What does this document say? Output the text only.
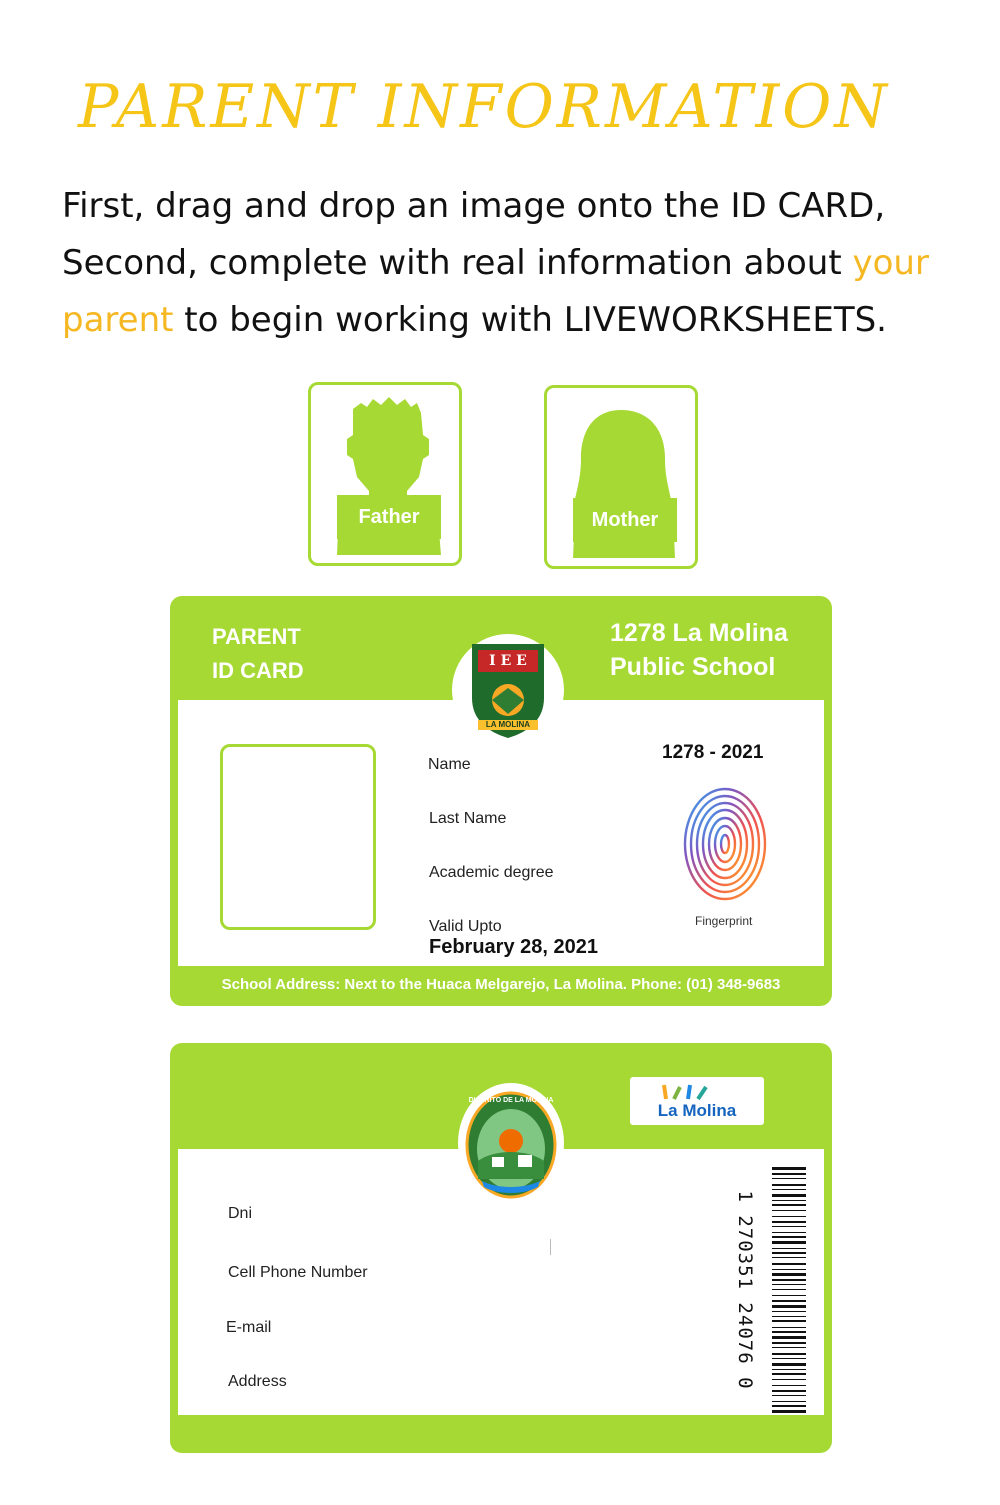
PARENT INFORMATION
First, drag and drop an image onto the ID CARD,
Second, complete with real information about your
parent to begin working with LIVEWORKSHEETS.
Father	Mother
PARENT
ID CARD
1278 La Molina
Public School
Name
Last Name
Academic degree
Valid Upto
February 28, 2021
1278 - 2021
Fingerprint
I E E
LA MOLINA
School Address: Next to the Huaca Melgarejo, La Molina. Phone: (01) 348-9683
Dni
Cell Phone Number
E-mail
Address	1 270351 24076 0
DISTRITO DE LA MOLINA
La Molina
